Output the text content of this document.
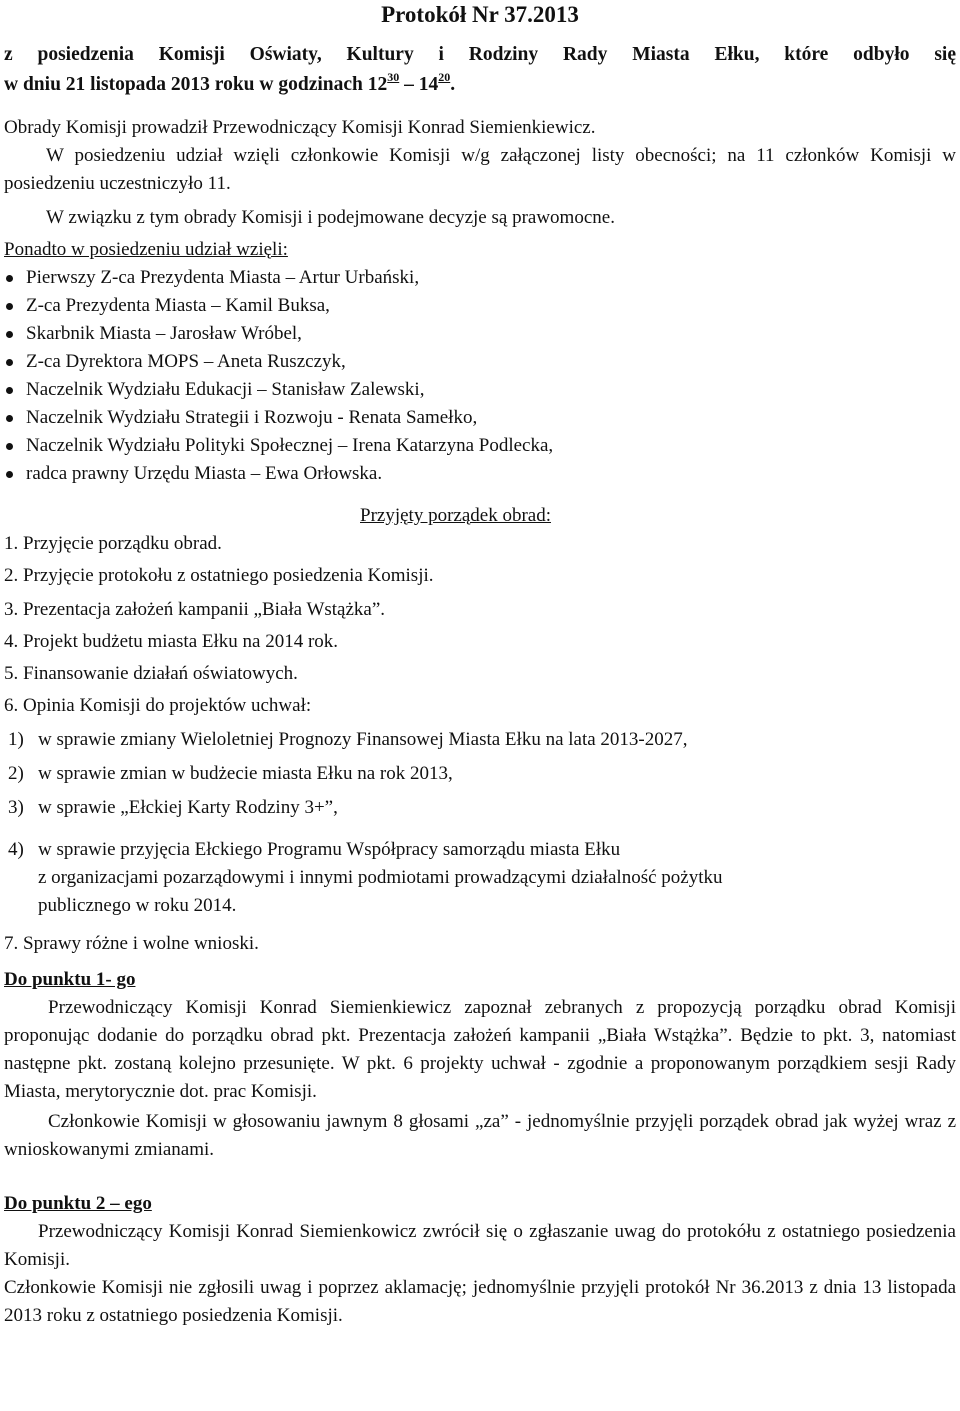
Protokół Nr 37.2013
z posiedzenia Komisji Oświaty, Kultury i Rodziny Rady Miasta Ełku, które odbyło się
w dniu 21 listopada 2013 roku w godzinach $12^{30} - 14^{20}$.

Obrady Komisji prowadził Przewodniczący Komisji Konrad Siemienkiewicz.

W posiedzeniu udział wzięli członkowie Komisji w/g załączonej listy obecności; na 11 członków Komisji w posiedzeniu uczestniczyło 11.

W związku z tym obrady Komisji i podejmowane decyzje są prawomocne.

Ponadto w posiedzeniu udział wzięli:

Pierwszy Z-ca Prezydenta Miasta – Artur Urbański,
Z-ca Prezydenta Miasta – Kamil Buksa,
Skarbnik Miasta – Jarosław Wróbel,
Z-ca Dyrektora MOPS – Aneta Ruszczyk,
Naczelnik Wydziału Edukacji – Stanisław Zalewski,
Naczelnik Wydziału Strategii i Rozwoju - Renata Samełko,
Naczelnik Wydziału Polityki Społecznej – Irena Katarzyna Podlecka,
radca prawny Urzędu Miasta – Ewa Orłowska.

Przyjęty porządek obrad:

1. Przyjęcie porządku obrad.

2. Przyjęcie protokołu z ostatniego posiedzenia Komisji.

3. Prezentacja założeń kampanii „Biała Wstążka”.

4. Projekt budżetu miasta Ełku na 2014 rok.

5. Finansowanie działań oświatowych.

6. Opinia Komisji do projektów uchwał:

1) w sprawie zmiany Wieloletniej Prognozy Finansowej Miasta Ełku na lata 2013-2027,
2) w sprawie zmian w budżecie miasta Ełku na rok 2013,
3) w sprawie „Ełckiej Karty Rodziny 3+”,
4) w sprawie przyjęcia Ełckiego Programu Współpracy samorządu miasta Ełku
z organizacjami pozarządowymi i innymi podmiotami prowadzącymi działalność pożytku
publicznego w roku 2014.

7. Sprawy różne i wolne wnioski.

Do punktu 1- go

Przewodniczący Komisji Konrad Siemienkiewicz zapoznał zebranych z propozycją porządku obrad Komisji proponując dodanie do porządku obrad pkt. Prezentacja założeń kampanii „Biała Wstążka”. Będzie to pkt. 3, natomiast następne pkt. zostaną kolejno przesunięte. W pkt. 6 projekty uchwał - zgodnie a proponowanym porządkiem sesji Rady Miasta, merytorycznie dot. prac Komisji.

Członkowie Komisji w głosowaniu jawnym 8 głosami „za” - jednomyślnie przyjęli porządek obrad jak wyżej wraz z wnioskowanymi zmianami.

Do punktu 2 – ego

Przewodniczący Komisji Konrad Siemienkowicz zwrócił się o zgłaszanie uwag do protokółu z ostatniego posiedzenia Komisji.

Członkowie Komisji nie zgłosili uwag i poprzez aklamację; jednomyślnie przyjęli protokół Nr 36.2013 z dnia 13 listopada 2013 roku z ostatniego posiedzenia Komisji.
